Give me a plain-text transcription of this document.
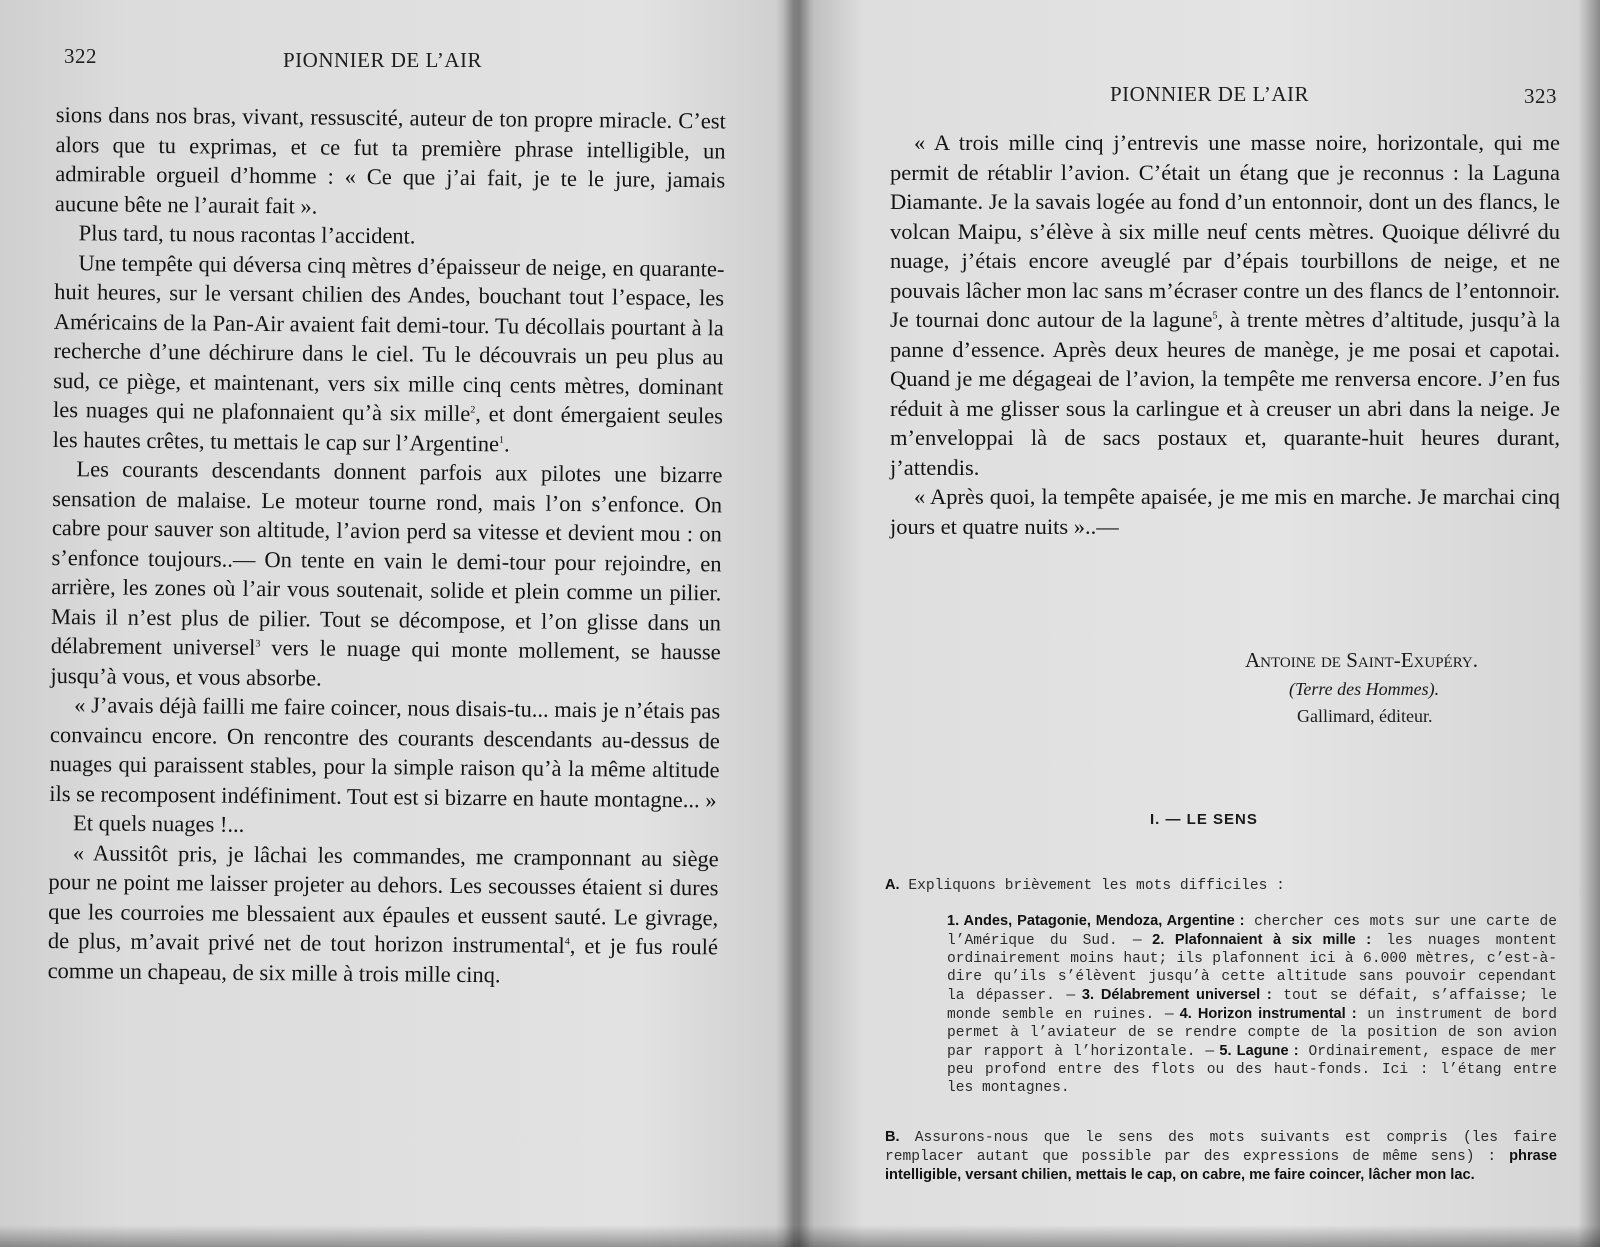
322	PIONNIER DE L’AIR

sions dans nos bras, vivant, ressuscité, auteur de ton propre miracle. C’est alors que tu exprimas, et ce fut ta première phrase intelligible, un admirable orgueil d’homme : « Ce que j’ai fait, je te le jure, jamais aucune bête ne l’aurait fait ».

Plus tard, tu nous racontas l’accident.

Une tempête qui déversa cinq mètres d’épaisseur de neige, en quarante-huit heures, sur le versant chilien des Andes, bouchant tout l’espace, les Américains de la Pan-Air avaient fait demi-tour. Tu décollais pourtant à la recherche d’une déchirure dans le ciel. Tu le découvrais un peu plus au sud, ce piège, et maintenant, vers six mille cinq cents mètres, dominant les nuages qui ne plafonnaient qu’à six mille$^2$, et dont émergaient seules les hautes crêtes, tu mettais le cap sur l’Argentine$^1$.

Les courants descendants donnent parfois aux pilotes une bizarre sensation de malaise. Le moteur tourne rond, mais l’on s’enfonce. On cabre pour sauver son altitude, l’avion perd sa vitesse et devient mou : on s’enfonce toujours..— On tente en vain le demi-tour pour rejoindre, en arrière, les zones où l’air vous soutenait, solide et plein comme un pilier. Mais il n’est plus de pilier. Tout se décompose, et l’on glisse dans un délabrement universel$^3$ vers le nuage qui monte mollement, se hausse jusqu’à vous, et vous absorbe.

« J’avais déjà failli me faire coincer, nous disais-tu... mais je n’étais pas convaincu encore. On rencontre des courants descendants au-dessus de nuages qui paraissent stables, pour la simple raison qu’à la même altitude ils se recomposent indéfiniment. Tout est si bizarre en haute montagne... »

Et quels nuages !...

« Aussitôt pris, je lâchai les commandes, me cramponnant au siège pour ne point me laisser projeter au dehors. Les secousses étaient si dures que les courroies me blessaient aux épaules et eussent sauté. Le givrage, de plus, m’avait privé net de tout horizon instrumental$^4$, et je fus roulé comme un chapeau, de six mille à trois mille cinq.

PIONNIER DE L’AIR	323

« A trois mille cinq j’entrevis une masse noire, horizontale, qui me permit de rétablir l’avion. C’était un étang que je reconnus : la Laguna Diamante. Je la savais logée au fond d’un entonnoir, dont un des flancs, le volcan Maipu, s’élève à six mille neuf cents mètres. Quoique délivré du nuage, j’étais encore aveuglé par d’épais tourbillons de neige, et ne pouvais lâcher mon lac sans m’écraser contre un des flancs de l’entonnoir. Je tournai donc autour de la lagune$^5$, à trente mètres d’altitude, jusqu’à la panne d’essence. Après deux heures de manège, je me posai et capotai. Quand je me dégageai de l’avion, la tempête me renversa encore. J’en fus réduit à me glisser sous la carlingue et à creuser un abri dans la neige. Je m’enveloppai là de sacs postaux et, quarante-huit heures durant, j’attendis.

« Après quoi, la tempête apaisée, je me mis en marche. Je marchai cinq jours et quatre nuits »..—

Antoine de Saint-Exupéry.
(Terre des Hommes).
Gallimard, éditeur.
I. — LE SENS
A. Expliquons brièvement les mots difficiles :
1. Andes, Patagonie, Mendoza, Argentine : chercher ces mots sur une carte de l’Amérique du Sud. — 2. Plafonnaient à six mille : les nuages montent ordinairement moins haut; ils plafonnent ici à 6.000 mètres, c’est-à-dire qu’ils s’élèvent jusqu’à cette altitude sans pouvoir cependant la dépasser. — 3. Délabrement universel : tout se défait, s’affaisse; le monde semble en ruines. — 4. Horizon instrumental : un instrument de bord permet à l’aviateur de se rendre compte de la position de son avion par rapport à l’horizontale. — 5. Lagune : Ordinairement, espace de mer peu profond entre des flots ou des haut-fonds. Ici : l’étang entre les montagnes.
B. Assurons-nous que le sens des mots suivants est compris (les faire remplacer autant que possible par des expressions de même sens) : phrase intelligible, versant chilien, mettais le cap, on cabre, me faire coincer, lâcher mon lac.
